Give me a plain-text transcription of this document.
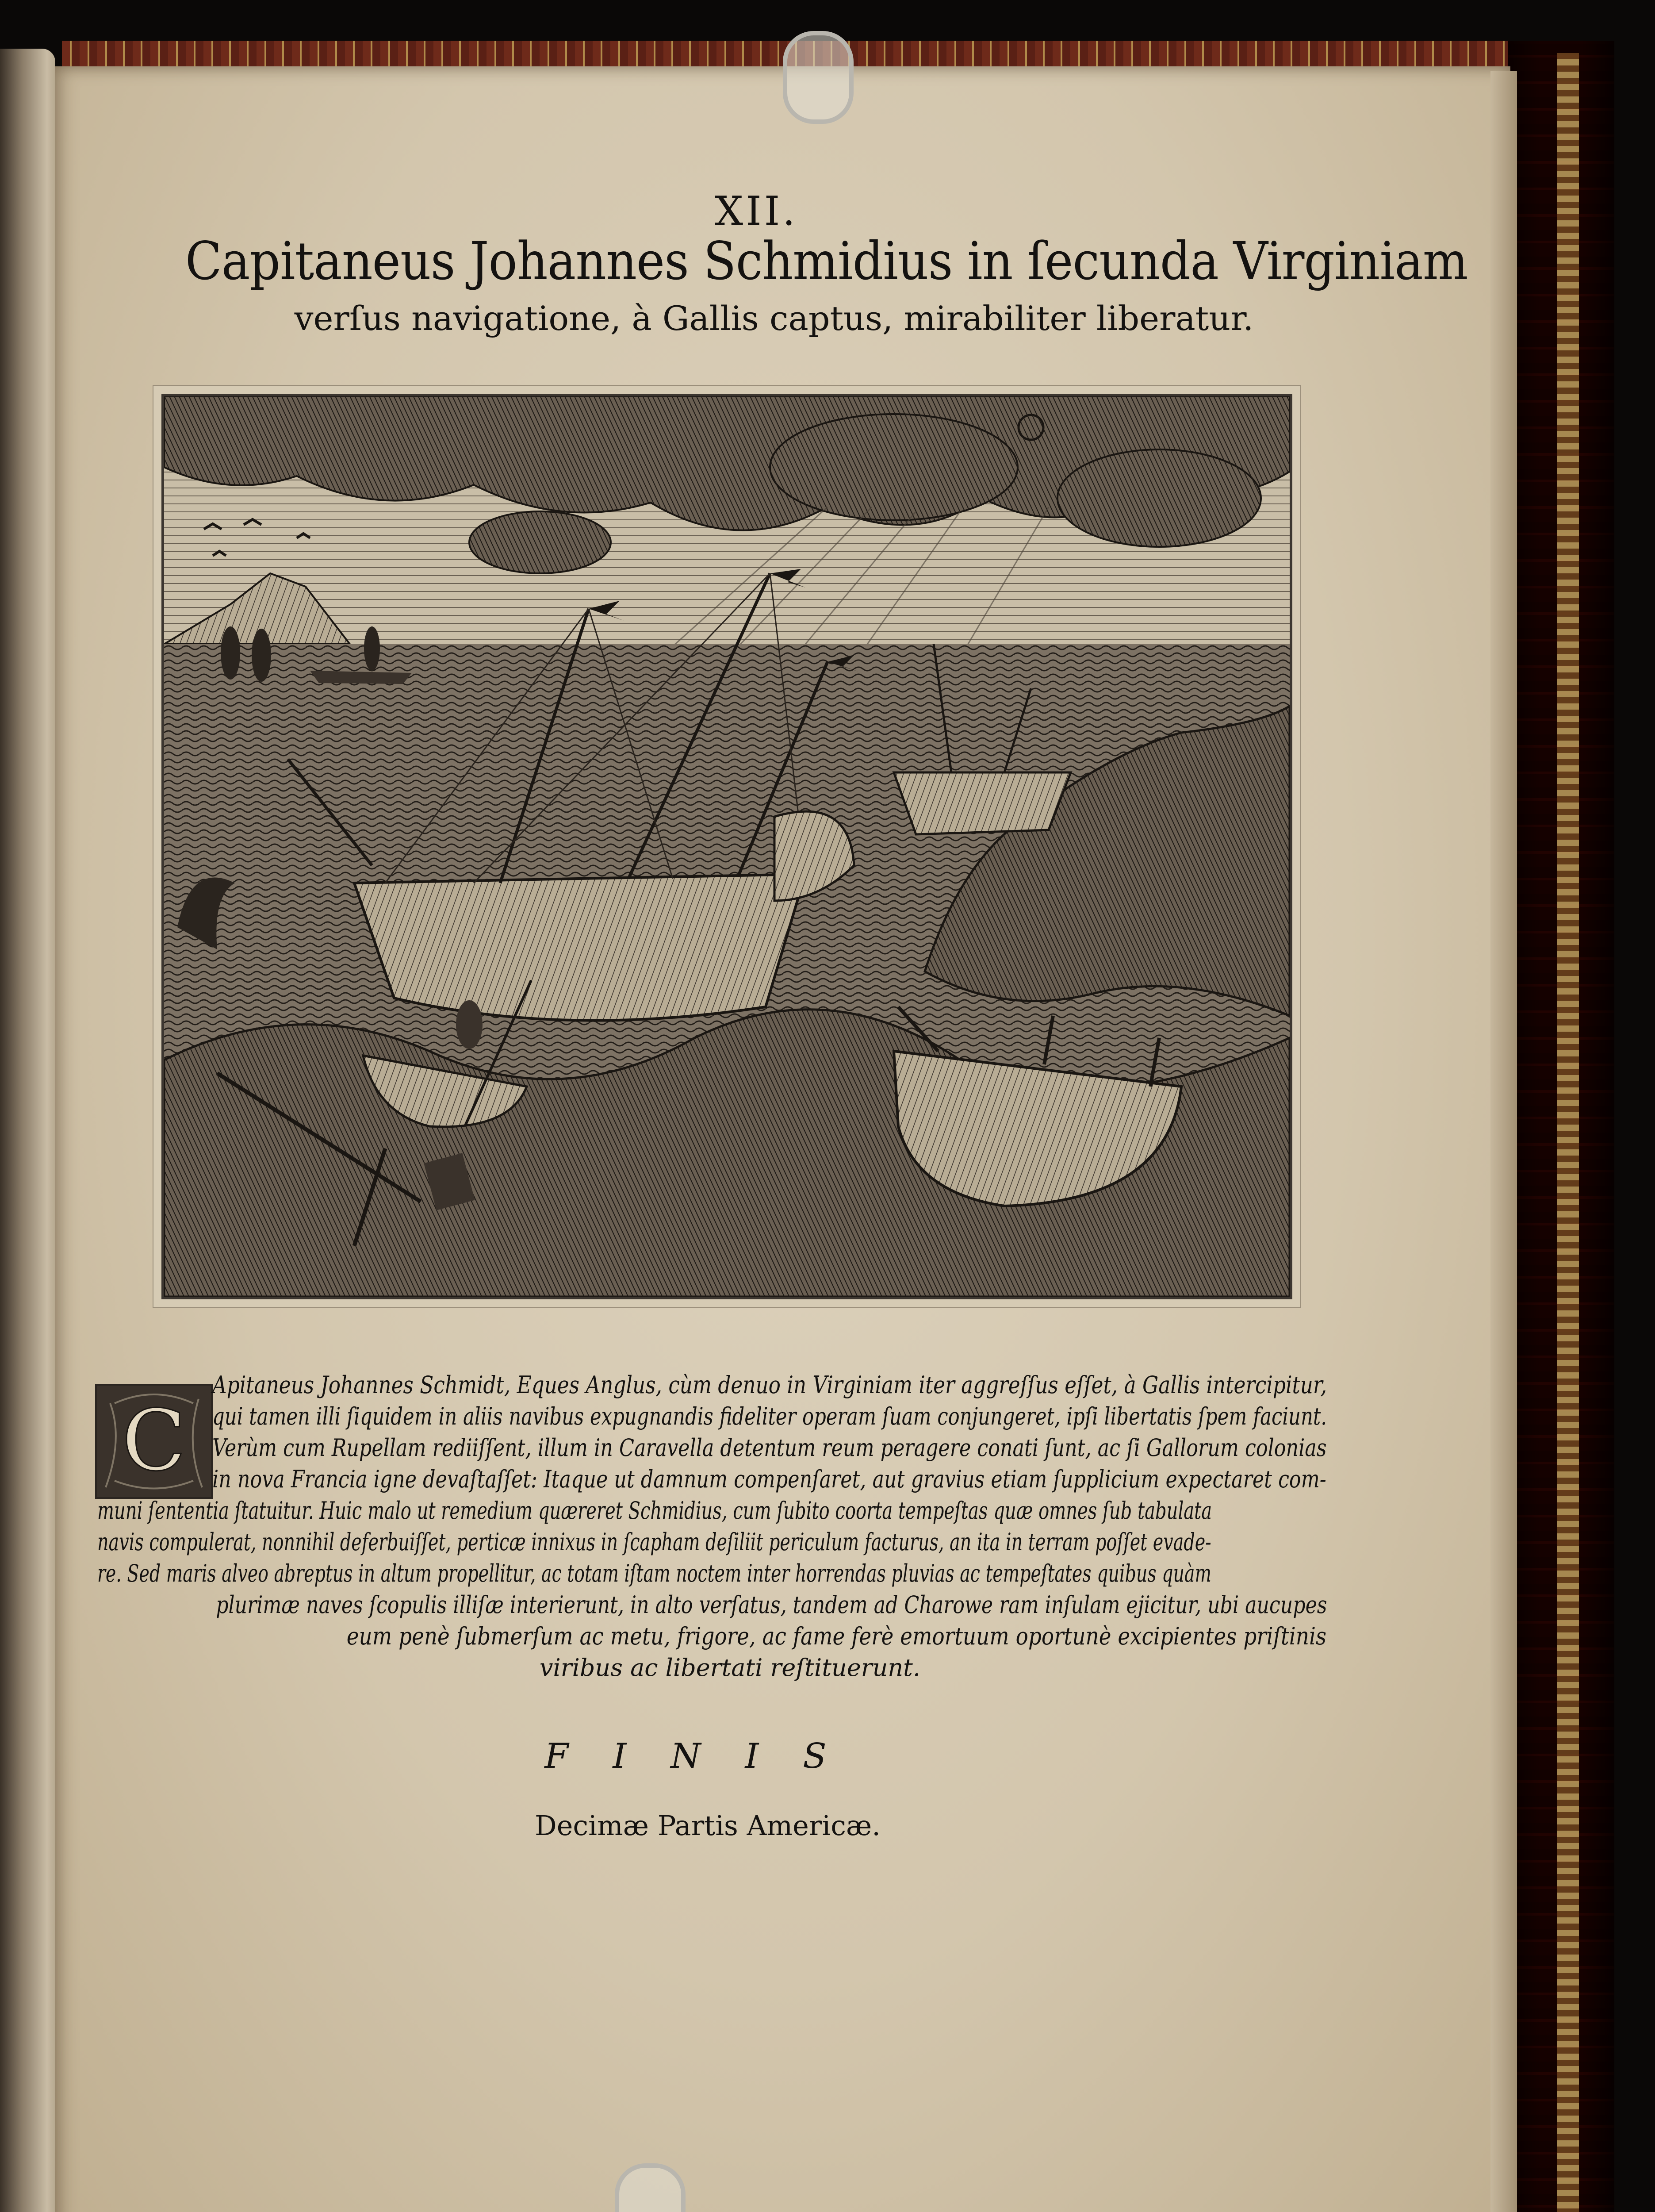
XII.
Capitaneus Johannes Schmidius in ſecunda Virginiam
verſus navigatione, à Gallis captus, mirabiliter liberatur.
C
Apitaneus Johannes Schmidt, Eques Anglus, cùm denuo in Virginiam iter aggreſſus eſſet, à Gallis intercipitur,
qui tamen illi ſiquidem in aliis navibus expugnandis fideliter operam ſuam conjungeret, ipſi libertatis ſpem faciunt.
Verùm cum Rupellam rediiſſent, illum in Caravella detentum reum peragere conati ſunt, ac ſi Gallorum colonias
in nova Francia igne devaſtaſſet: Itaque ut damnum compenſaret, aut gravius etiam ſupplicium expectaret com-
muni ſententia ſtatuitur. Huic malo ut remedium quæreret Schmidius, cum ſubito coorta tempeſtas quæ omnes ſub tabulata
navis compulerat, nonnihil deferbuiſſet, perticæ innixus in ſcapham deſiliit periculum facturus, an ita in terram poſſet evade-
re. Sed maris alveo abreptus in altum propellitur, ac totam iſtam noctem inter horrendas pluvias ac tempeſtates quibus quàm
plurimæ naves ſcopulis illiſæ interierunt, in alto verſatus, tandem ad Charowe ram inſulam ejicitur, ubi aucupes
eum penè ſubmerſum ac metu, frigore, ac fame ferè emortuum oportunè excipientes priſtinis
viribus ac libertati reſtituerunt.
FINIS
Decimæ Partis Americæ.
